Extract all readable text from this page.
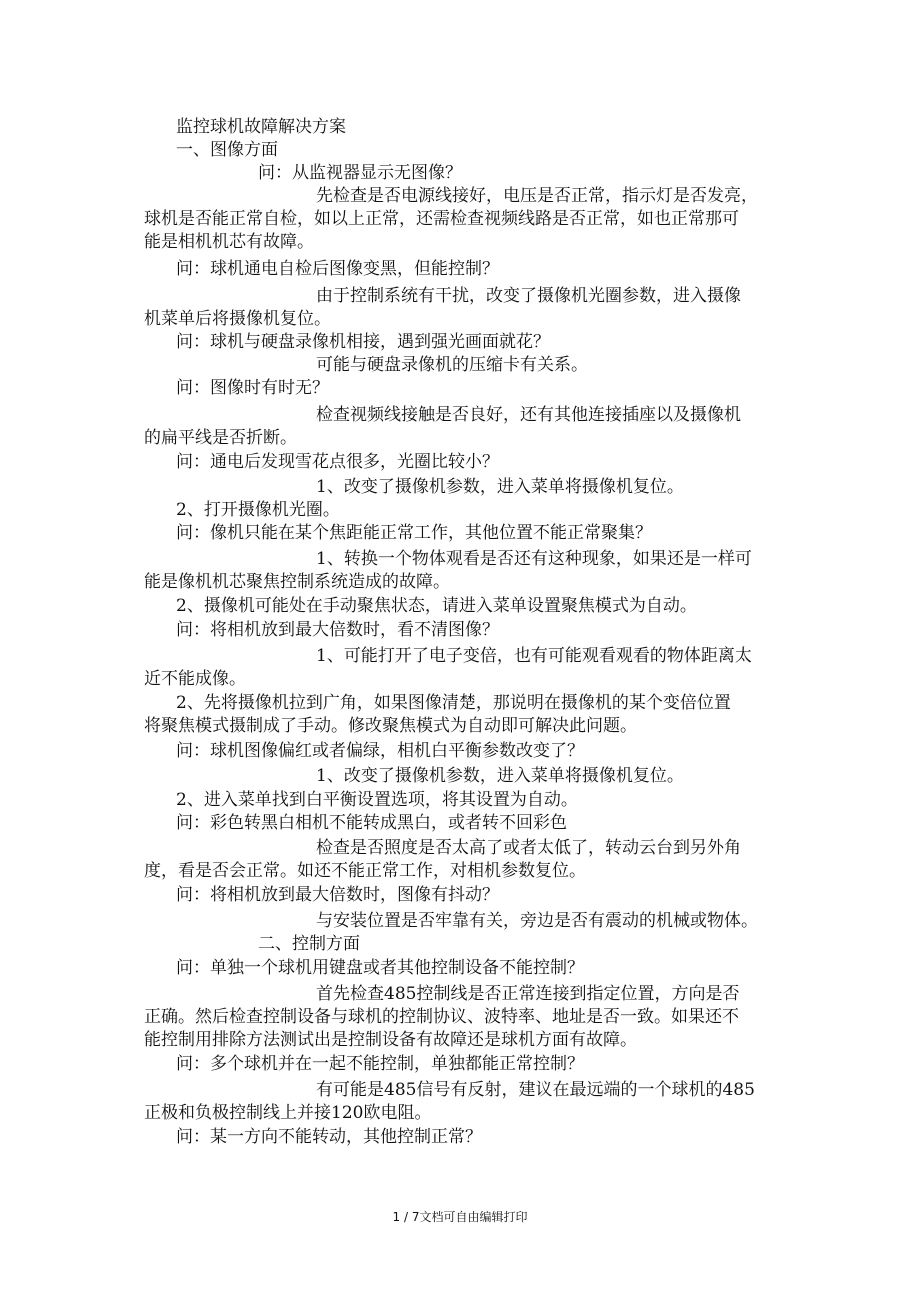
监控球机故障解决方案
一、图像方面
问：从监视器显示无图像？
先检查是否电源线接好，电压是否正常，指示灯是否发亮，
球机是否能正常自检，如以上正常，还需检查视频线路是否正常，如也正常那可
能是相机机芯有故障。
问：球机通电自检后图像变黑，但能控制？
由于控制系统有干扰，改变了摄像机光圈参数，进入摄像
机菜单后将摄像机复位。
问：球机与硬盘录像机相接，遇到强光画面就花？
可能与硬盘录像机的压缩卡有关系。
问：图像时有时无？
检查视频线接触是否良好，还有其他连接插座以及摄像机
的扁平线是否折断。
问：通电后发现雪花点很多，光圈比较小？
1、改变了摄像机参数，进入菜单将摄像机复位。
2、打开摄像机光圈。
问：像机只能在某个焦距能正常工作，其他位置不能正常聚集？
1、转换一个物体观看是否还有这种现象，如果还是一样可
能是像机机芯聚焦控制系统造成的故障。
2、摄像机可能处在手动聚焦状态，请进入菜单设置聚焦模式为自动。
问：将相机放到最大倍数时，看不清图像？
1、可能打开了电子变倍，也有可能观看观看的物体距离太
近不能成像。
2、先将摄像机拉到广角，如果图像清楚，那说明在摄像机的某个变倍位置
将聚焦模式摄制成了手动。修改聚焦模式为自动即可解决此问题。
问：球机图像偏红或者偏绿，相机白平衡参数改变了？
1、改变了摄像机参数，进入菜单将摄像机复位。
2、进入菜单找到白平衡设置选项，将其设置为自动。
问：彩色转黑白相机不能转成黑白，或者转不回彩色
检查是否照度是否太高了或者太低了，转动云台到另外角
度，看是否会正常。如还不能正常工作，对相机参数复位。
问：将相机放到最大倍数时，图像有抖动？
与安装位置是否牢靠有关，旁边是否有震动的机械或物体。
二、控制方面
问：单独一个球机用键盘或者其他控制设备不能控制？
首先检查485控制线是否正常连接到指定位置，方向是否
正确。然后检查控制设备与球机的控制协议、波特率、地址是否一致。如果还不
能控制用排除方法测试出是控制设备有故障还是球机方面有故障。
问：多个球机并在一起不能控制，单独都能正常控制？
有可能是485信号有反射，建议在最远端的一个球机的485
正极和负极控制线上并接120欧电阻。
问：某一方向不能转动，其他控制正常？
1 / 7文档可自由编辑打印
